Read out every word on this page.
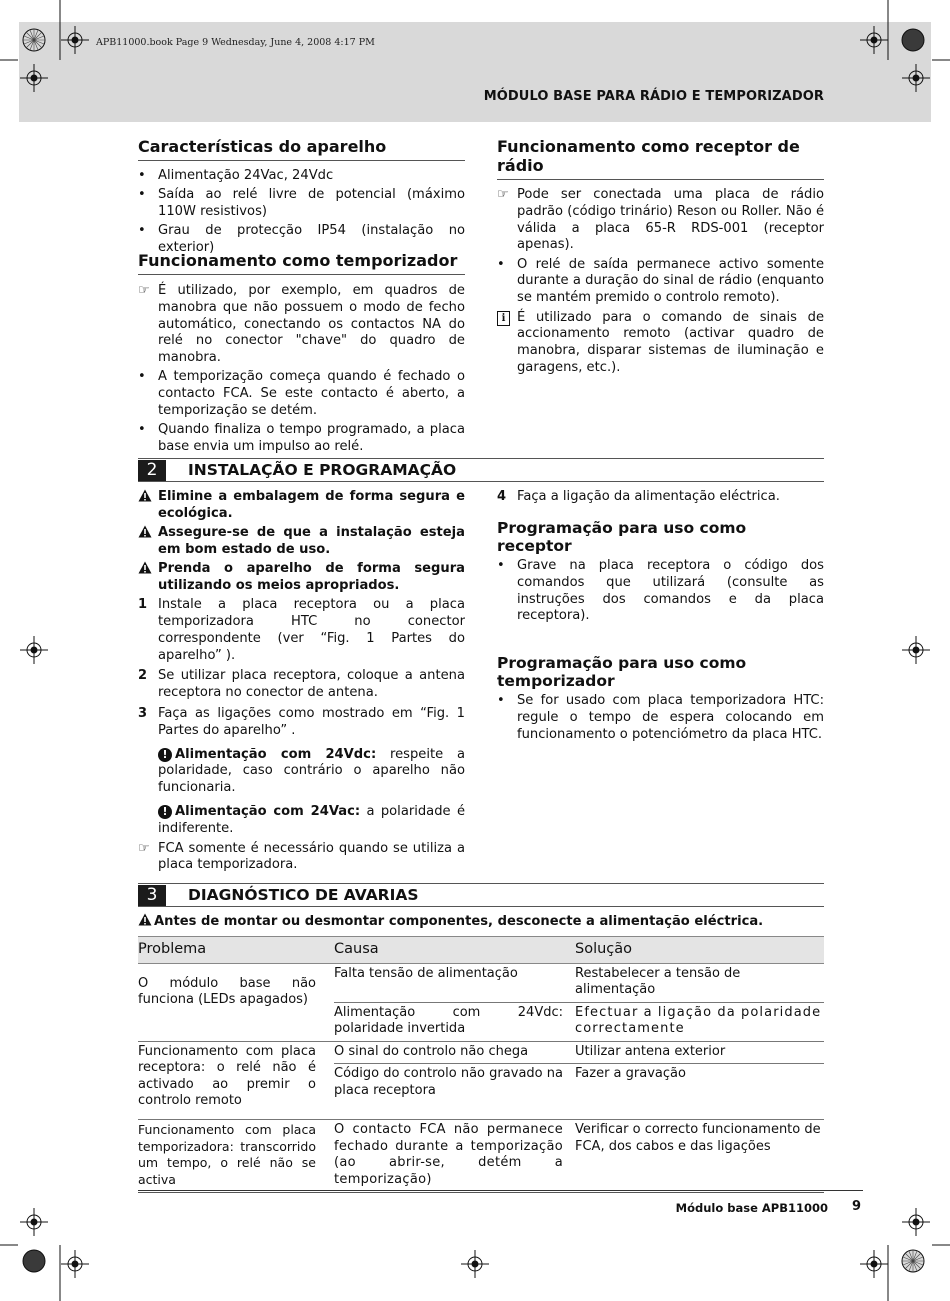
APB11000.book Page 9 Wednesday, June 4, 2008 4:17 PM
MÓDULO BASE PARA RÁDIO E TEMPORIZADOR
Características do aparelho
• Alimentação 24Vac, 24Vdc
• Saída ao relé livre de potencial (máximo 110W resistivos)
• Grau de protecção IP54 (instalação no exterior)
Funcionamento como temporizador
☞ É utilizado, por exemplo, em quadros de manobra que não possuem o modo de fecho automático, conectando os contactos NA do relé no conector "chave" do quadro de manobra.
• A temporização começa quando é fechado o contacto FCA. Se este contacto é aberto, a temporização se detém.
• Quando finaliza o tempo programado, a placa base envia um impulso ao relé.
Funcionamento como receptor de rádio
☞ Pode ser conectada uma placa de rádio padrão (código trinário) Reson ou Roller. Não é válida a placa 65-R RDS-001 (receptor apenas).
• O relé de saída permanece activo somente durante a duração do sinal de rádio (enquanto se mantém premido o controlo remoto).
i É utilizado para o comando de sinais de accionamento remoto (activar quadro de manobra, disparar sistemas de iluminação e garagens, etc.).
2	INSTALAÇÃO E PROGRAMAÇÃO
Elimine a embalagem de forma segura e ecológica.
Assegure-se de que a instalação esteja em bom estado de uso.
Prenda o aparelho de forma segura utilizando os meios apropriados.
1 Instale a placa receptora ou a placa temporizadora HTC no conector correspondente (ver “Fig. 1 Partes do aparelho” ).
2 Se utilizar placa receptora, coloque a antena receptora no conector de antena.
3 Faça as ligações como mostrado em “Fig. 1 Partes do aparelho” .
! Alimentação com 24Vdc: respeite a polaridade, caso contrário o aparelho não funcionaria.
! Alimentação com 24Vac: a polaridade é indiferente.
☞ FCA somente é necessário quando se utiliza a placa temporizadora.
4 Faça a ligação da alimentação eléctrica.
Programação para uso como receptor
• Grave na placa receptora o código dos comandos que utilizará (consulte as instruções dos comandos e da placa receptora).
Programação para uso como temporizador
• Se for usado com placa temporizadora HTC: regule o tempo de espera colocando em funcionamento o potenciómetro da placa HTC.
3	DIAGNÓSTICO DE AVARIAS
Antes de montar ou desmontar componentes, desconecte a alimentação eléctrica.
Problema	Causa	Solução
O módulo base não funciona (LEDs apagados)	Falta tensão de alimentação	Restabelecer a tensão de alimentação
	Alimentação com 24Vdc: polaridade invertida	Efectuar a ligação da polaridade correctamente
Funcionamento com placa receptora: o relé não é activado ao premir o controlo remoto	O sinal do controlo não chega	Utilizar antena exterior
	Código do controlo não gravado na placa receptora	Fazer a gravação
Funcionamento com placa temporizadora: transcorrido um tempo, o relé não se activa	O contacto FCA não permanece fechado durante a temporização (ao abrir-se, detém a temporização)	Verificar o correcto funcionamento de FCA, dos cabos e das ligações
Módulo base APB11000 9
